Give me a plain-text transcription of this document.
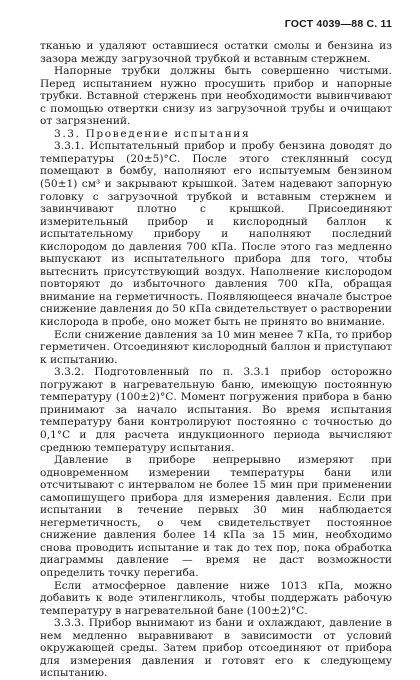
ГОСТ 4039—88 С. 11

тканью и удаляют оставшиеся остатки смолы и бензина из зазора между загрузочной трубкой и вставным стержнем.

Напорные трубки должны быть совершенно чистыми. Перед испытанием нужно просушить прибор и напорные трубки. Вставной стержень при необходимости вывинчивают с помощью отвертки снизу из загрузочной трубы и очищают от загрязнений.

3.3. Проведение испытания

3.3.1. Испытательный прибор и пробу бензина доводят до температуры (20±5)°С. После этого стеклянный сосуд помещают в бомбу, наполняют его испытуемым бензином (50±1) см³ и закрывают крышкой. Затем надевают запорную головку с загрузочной трубкой и вставным стержнем и завинчивают плотно с крышкой. Присоединяют измерительный прибор и кислородный баллон к испытательному прибору и наполняют последний кислородом до давления 700 кПа. После этого газ медленно выпускают из испытательного прибора для того, чтобы вытеснить присутствующий воздух. Наполнение кислородом повторяют до избыточного давления 700 кПа, обращая внимание на герметичность. Появляющееся вначале быстрое снижение давления до 50 кПа свидетельствует о растворении кислорода в пробе, оно может быть не принято во внимание.

Если снижение давления за 10 мин менее 7 кПа, то прибор герметичен. Отсоединяют кислородный баллон и приступают к испытанию.

3.3.2. Подготовленный по п. 3.3.1 прибор осторожно погружают в нагревательную баню, имеющую постоянную температуру (100±2)°С. Момент погружения прибора в баню принимают за начало испытания. Во время испытания температуру бани контролируют постоянно с точностью до 0,1°С и для расчета индукционного периода вычисляют среднюю температуру испытания.

Давление в приборе непрерывно измеряют при одновременном измерении температуры бани или отсчитывают с интервалом не более 15 мин при применении самопишущего прибора для измерения давления. Если при испытании в течение первых 30 мин наблюдается негерметичность, о чем свидетельствует постоянное снижение давления более 14 кПа за 15 мин, необходимо снова проводить испытание и так до тех пор, пока обработка диаграммы давление — время не даст возможности определить точку перегиба.

Если атмосферное давление ниже 1013 кПа, можно добавить к воде этиленгликоль, чтобы поддержать рабочую температуру в нагревательной бане (100±2)°С.

3.3.3. Прибор вынимают из бани и охлаждают, давление в нем медленно выравнивают в зависимости от условий окружающей среды. Затем прибор отсоединяют от прибора для измерения давления и готовят его к следующему испытанию.
